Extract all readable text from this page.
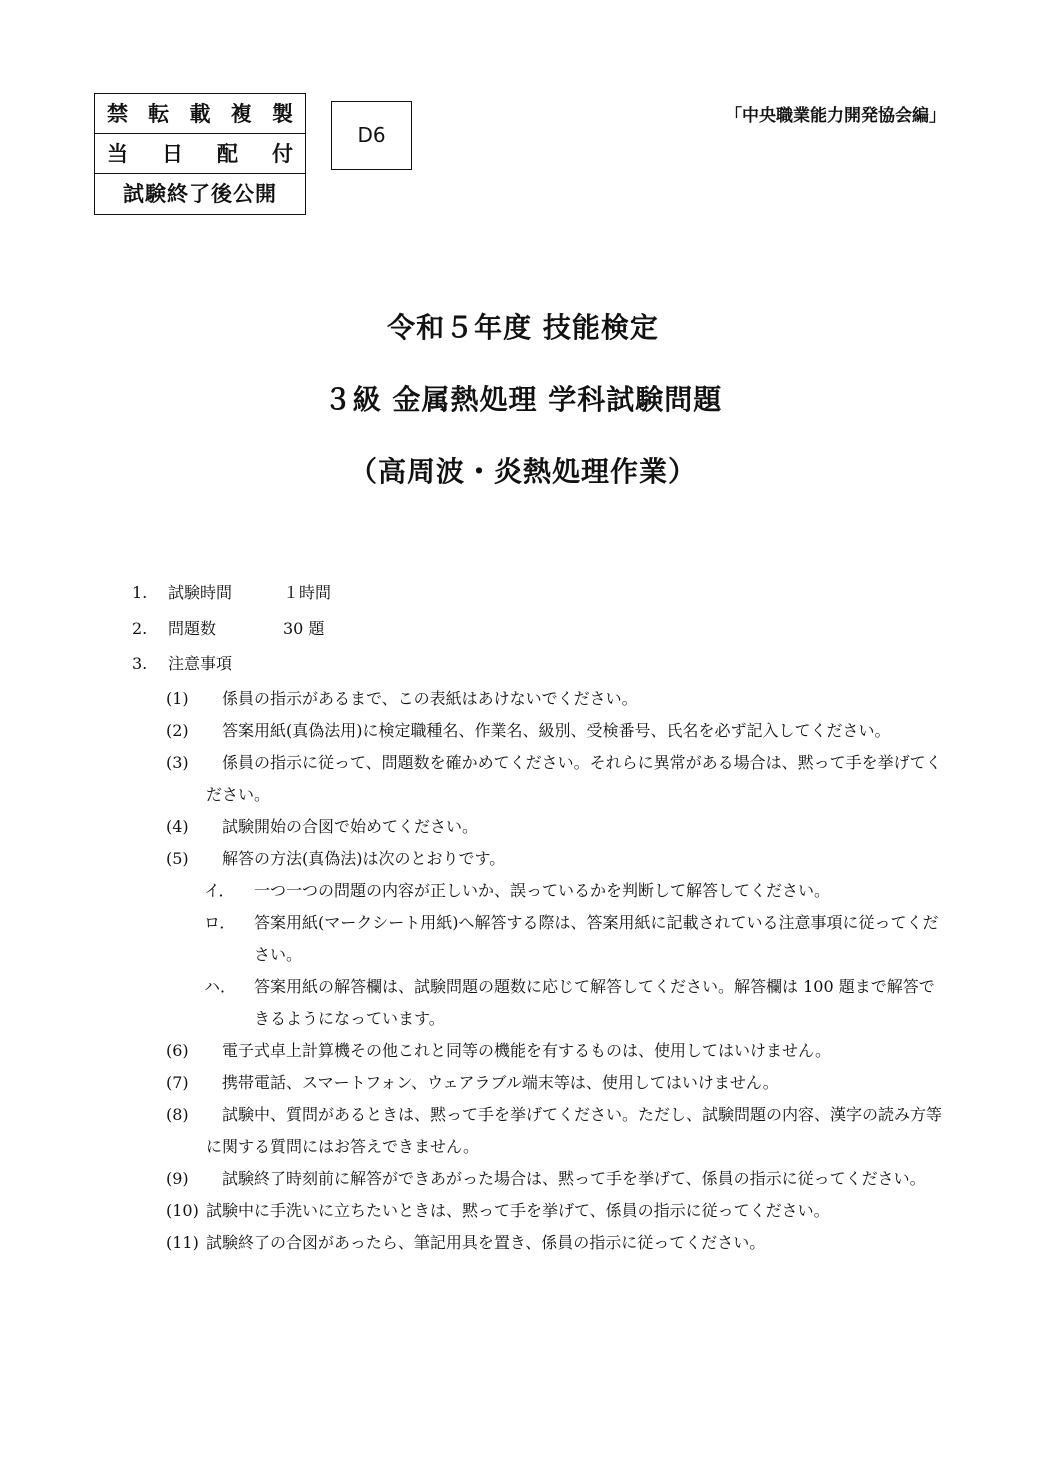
禁 転 載 複 製
当 日 配 付
試験終了後公開
D6
「中央職業能力開発協会編」
令和５年度 技能検定
３級 金属熱処理 学科試験問題
（高周波・炎熱処理作業）
1. 試験時間	１時間
2. 問題数	30 題
3. 注意事項
(1)	　係員の指示があるまで、この表紙はあけないでください。
(2)	　答案用紙(真偽法用)に検定職種名、作業名、級別、受検番号、氏名を必ず記入してください。
(3)	　係員の指示に従って、問題数を確かめてください。それらに異常がある場合は、黙って手を挙げてください。
(4)	　試験開始の合図で始めてください。
(5)	　解答の方法(真偽法)は次のとおりです。
イ．	一つ一つの問題の内容が正しいか、誤っているかを判断して解答してください。
ロ．	答案用紙(マークシート用紙)へ解答する際は、答案用紙に記載されている注意事項に従ってください。
ハ．	答案用紙の解答欄は、試験問題の題数に応じて解答してください。解答欄は 100 題まで解答できるようになっています。
(6)	　電子式卓上計算機その他これと同等の機能を有するものは、使用してはいけません。
(7)	　携帯電話、スマートフォン、ウェアラブル端末等は、使用してはいけません。
(8)	　試験中、質問があるときは、黙って手を挙げてください。ただし、試験問題の内容、漢字の読み方等に関する質問にはお答えできません。
(9)	　試験終了時刻前に解答ができあがった場合は、黙って手を挙げて、係員の指示に従ってください。
(10) 試験中に手洗いに立ちたいときは、黙って手を挙げて、係員の指示に従ってください。
(11) 試験終了の合図があったら、筆記用具を置き、係員の指示に従ってください。
